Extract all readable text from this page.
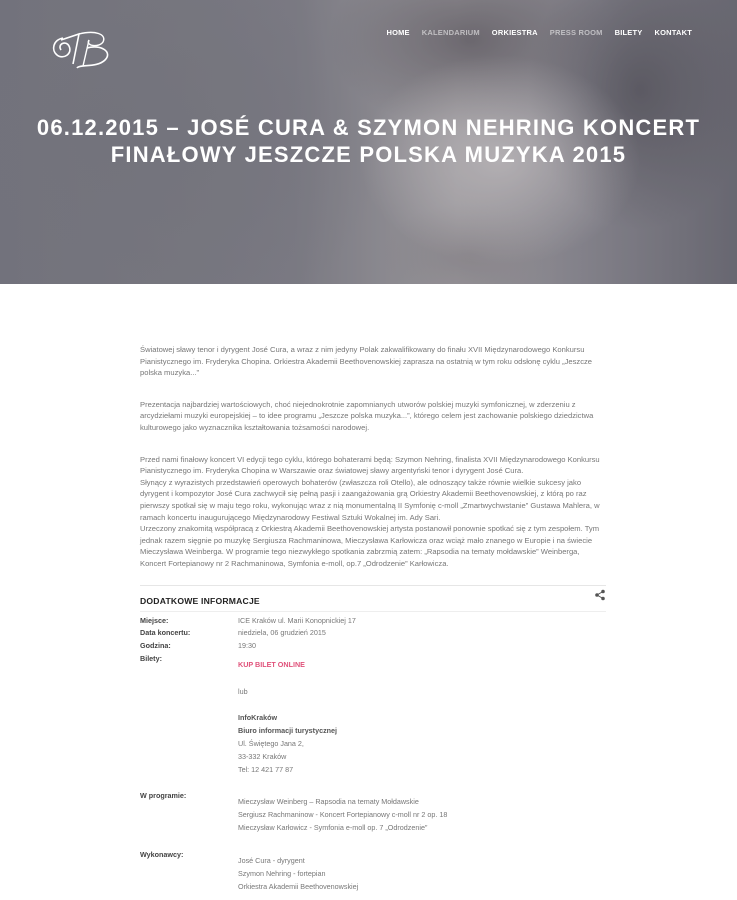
HOME KALENDARIUM ORKIESTRA PRESS ROOM BILETY KONTAKT
06.12.2015 – JOSÉ CURA & SZYMON NEHRING KONCERT
FINAŁOWY JESZCZE POLSKA MUZYKA 2015

Światowej sławy tenor i dyrygent José Cura, a wraz z nim jedyny Polak zakwalifikowany do finału XVII Międzynarodowego Konkursu Pianistycznego im. Fryderyka Chopina. Orkiestra Akademii Beethovenowskiej zaprasza na ostatnią w tym roku odsłonę cyklu „Jeszcze polska muzyka...”

Prezentacja najbardziej wartościowych, choć niejednokrotnie zapomnianych utworów polskiej muzyki symfonicznej, w zderzeniu z arcydziełami muzyki europejskiej – to idee programu „Jeszcze polska muzyka...”, którego celem jest zachowanie polskiego dziedzictwa kulturowego jako wyznacznika kształtowania tożsamości narodowej.

Przed nami finałowy koncert VI edycji tego cyklu, którego bohaterami będą: Szymon Nehring, finalista XVII Międzynarodowego Konkursu Pianistycznego im. Fryderyka Chopina w Warszawie oraz światowej sławy argentyński tenor i dyrygent José Cura.
Słynący z wyrazistych przedstawień operowych bohaterów (zwłaszcza roli Otello), ale odnoszący także równie wielkie sukcesy jako dyrygent i kompozytor José Cura zachwycił się pełną pasji i zaangażowania grą Orkiestry Akademii Beethovenowskiej, z którą po raz pierwszy spotkał się w maju tego roku, wykonując wraz z nią monumentalną II Symfonię c-moll „Zmartwychwstanie” Gustawa Mahlera, w ramach koncertu inaugurującego Międzynarodowy Festiwal Sztuki Wokalnej im. Ady Sari.
Urzeczony znakomitą współpracą z Orkiestrą Akademii Beethovenowskiej artysta postanowił ponownie spotkać się z tym zespołem. Tym jednak razem sięgnie po muzykę Sergiusza Rachmaninowa, Mieczysława Karłowicza oraz wciąż mało znanego w Europie i na świecie Mieczysława Weinberga. W programie tego niezwykłego spotkania zabrzmią zatem: „Rapsodia na tematy mołdawskie” Weinberga, Koncert Fortepianowy nr 2 Rachmaninowa, Symfonia e-moll, op.7 „Odrodzenie” Karłowicza.

DODATKOWE INFORMACJE
Miejsce:	ICE Kraków ul. Marii Konopnickiej 17
Data koncertu:	niedziela, 06 grudzień 2015
Godzina:	19:30
Bilety:
KUP BILET ONLINE
lub
InfoKraków
Biuro informacji turystycznej
Ul. Świętego Jana 2,
33-332 Kraków
Tel: 12 421 77 87
W programie:
Mieczysław Weinberg – Rapsodia na tematy Mołdawskie
Sergiusz Rachmaninow - Koncert Fortepianowy c-moll nr 2 op. 18
Mieczysław Karłowicz - Symfonia e-moll op. 7 „Odrodzenie”
Wykonawcy:
José Cura - dyrygent
Szymon Nehring - fortepian
Orkiestra Akademii Beethovenowskiej
